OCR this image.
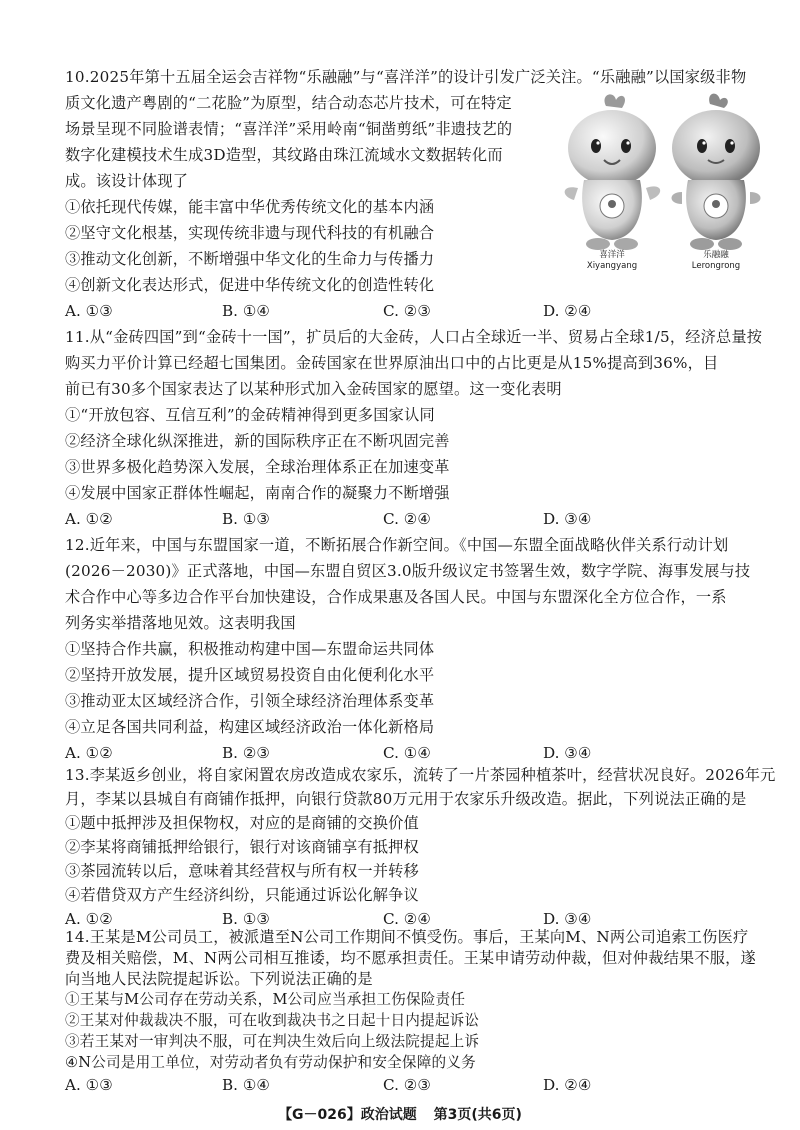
10.2025年第十五届全运会吉祥物“乐融融”与“喜洋洋”的设计引发广泛关注。“乐融融”以国家级非物
质文化遗产粤剧的“二花脸”为原型，结合动态芯片技术，可在特定
场景呈现不同脸谱表情；“喜洋洋”采用岭南“铜凿剪纸”非遗技艺的
数字化建模技术生成3D造型，其纹路由珠江流域水文数据转化而
成。该设计体现了
①依托现代传媒，能丰富中华优秀传统文化的基本内涵
②坚守文化根基，实现传统非遗与现代科技的有机融合
③推动文化创新，不断增强中华文化的生命力与传播力
④创新文化表达形式，促进中华传统文化的创造性转化
A. ①③	B. ①④	C. ②③	D. ②④
喜洋洋
Xiyangyang
乐融融
Lerongrong
11.从“金砖四国”到“金砖十一国”，扩员后的大金砖，人口占全球近一半、贸易占全球1/5，经济总量按
购买力平价计算已经超七国集团。金砖国家在世界原油出口中的占比更是从15%提高到36%，目
前已有30多个国家表达了以某种形式加入金砖国家的愿望。这一变化表明
①“开放包容、互信互利”的金砖精神得到更多国家认同
②经济全球化纵深推进，新的国际秩序正在不断巩固完善
③世界多极化趋势深入发展，全球治理体系正在加速变革
④发展中国家正群体性崛起，南南合作的凝聚力不断增强
A. ①②	B. ①③	C. ②④	D. ③④
12.近年来，中国与东盟国家一道，不断拓展合作新空间。《中国—东盟全面战略伙伴关系行动计划
(2026－2030)》正式落地，中国—东盟自贸区3.0版升级议定书签署生效，数字学院、海事发展与技
术合作中心等多边合作平台加快建设，合作成果惠及各国人民。中国与东盟深化全方位合作，一系
列务实举措落地见效。这表明我国
①坚持合作共赢，积极推动构建中国—东盟命运共同体
②坚持开放发展，提升区域贸易投资自由化便利化水平
③推动亚太区域经济合作，引领全球经济治理体系变革
④立足各国共同利益，构建区域经济政治一体化新格局
A. ①②	B. ②③	C. ①④	D. ③④
13.李某返乡创业，将自家闲置农房改造成农家乐，流转了一片茶园种植茶叶，经营状况良好。2026年元
月，李某以县城自有商铺作抵押，向银行贷款80万元用于农家乐升级改造。据此，下列说法正确的是
①题中抵押涉及担保物权，对应的是商铺的交换价值
②李某将商铺抵押给银行，银行对该商铺享有抵押权
③茶园流转以后，意味着其经营权与所有权一并转移
④若借贷双方产生经济纠纷，只能通过诉讼化解争议
A. ①②	B. ①③	C. ②④	D. ③④
14.王某是M公司员工，被派遣至N公司工作期间不慎受伤。事后，王某向M、N两公司追索工伤医疗
费及相关赔偿，M、N两公司相互推诿，均不愿承担责任。王某申请劳动仲裁，但对仲裁结果不服，遂
向当地人民法院提起诉讼。下列说法正确的是
①王某与M公司存在劳动关系，M公司应当承担工伤保险责任
②王某对仲裁裁决不服，可在收到裁决书之日起十日内提起诉讼
③若王某对一审判决不服，可在判决生效后向上级法院提起上诉
④N公司是用工单位，对劳动者负有劳动保护和安全保障的义务
A. ①③	B. ①④	C. ②③	D. ②④
【G－026】政治试题 第3页(共6页)
